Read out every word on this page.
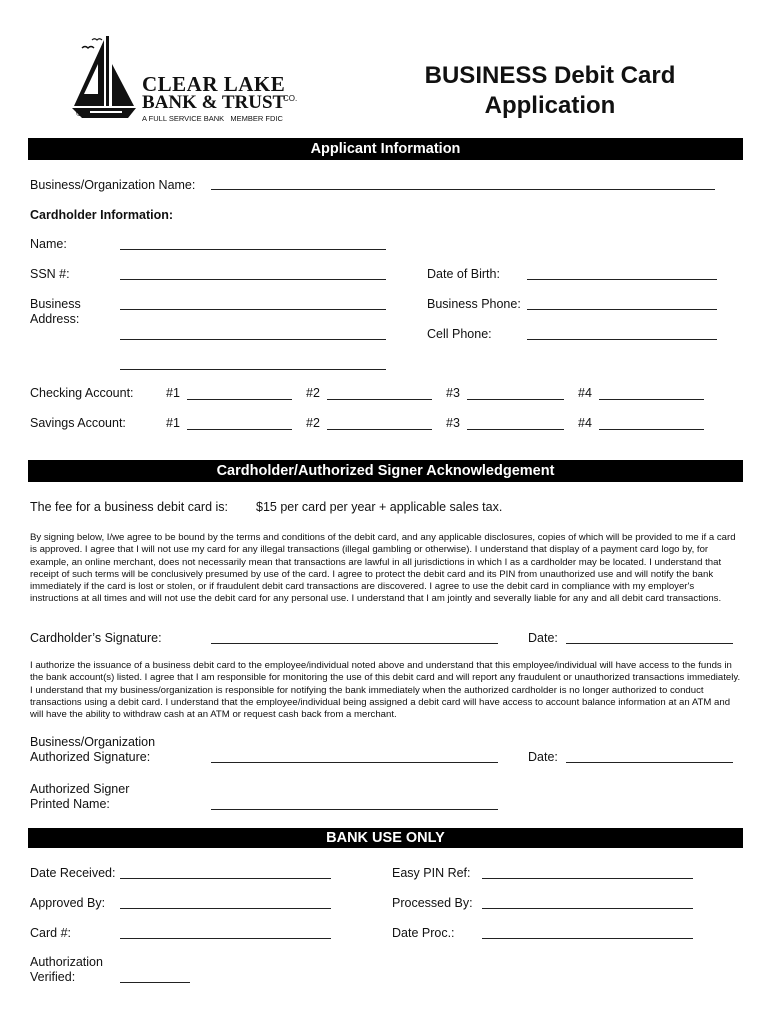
®
CLEAR LAKE
BANK & TRUST
CO.
A FULL SERVICE BANK   MEMBER FDIC
BUSINESS Debit Card
Application
Applicant Information
Business/Organization Name:
Cardholder Information:
Name:
SSN #:	Date of Birth:
Business
Address:
Business Phone:
Cell Phone:
Checking Account:	#1	#2	#3	#4
Savings Account:	#1	#2	#3	#4
Cardholder/Authorized Signer Acknowledgement
The fee for a business debit card is: $15 per card per year + applicable sales tax.
By signing below, I/we agree to be bound by the terms and conditions of the debit card, and any applicable disclosures, copies of which will be provided to me if a card is approved. I agree that I will not use my card for any illegal transactions (illegal gambling or otherwise). I understand that display of a payment card logo by, for example, an online merchant, does not necessarily mean that transactions are lawful in all jurisdictions in which I as a cardholder may be located. I understand that receipt of such terms will be conclusively presumed by use of the card. I agree to protect the debit card and its PIN from unauthorized use and will notify the bank immediately if the card is lost or stolen, or if fraudulent debit card transactions are discovered. I agree to use the debit card in compliance with my employer's instructions at all times and will not use the debit card for any personal use. I understand that I am jointly and severally liable for any and all debit card transactions.
Cardholder’s Signature:	Date:
I authorize the issuance of a business debit card to the employee/individual noted above and understand that this employee/individual will have access to the funds in the bank account(s) listed. I agree that I am responsible for monitoring the use of this debit card and will report any fraudulent or unauthorized transactions immediately. I understand that my business/organization is responsible for notifying the bank immediately when the authorized cardholder is no longer authorized to conduct transactions using a debit card. I understand that the employee/individual being assigned a debit card will have access to account balance information at an ATM and will have the ability to withdraw cash at an ATM or request cash back from a merchant.
Business/Organization
Authorized Signature:	Date:
Authorized Signer
Printed Name:
BANK USE ONLY
Date Received:	Easy PIN Ref:
Approved By:	Processed By:
Card #:	Date Proc.:
Authorization
Verified:
